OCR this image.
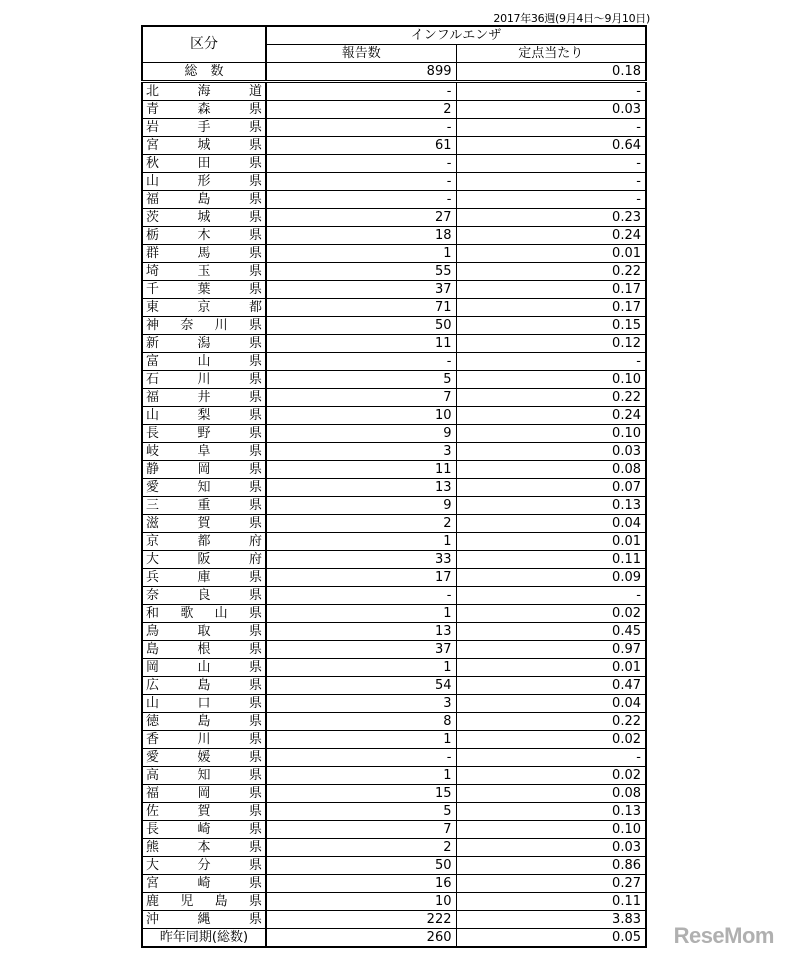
2017年36週(9月4日～9月10日)
区分	インフルエンザ	
	報告数	定点当たり
総　数	899	0.18
北海道	-	-
青森県	2	0.03
岩手県	-	-
宮城県	61	0.64
秋田県	-	-
山形県	-	-
福島県	-	-
茨城県	27	0.23
栃木県	18	0.24
群馬県	1	0.01
埼玉県	55	0.22
千葉県	37	0.17
東京都	71	0.17
神奈川県	50	0.15
新潟県	11	0.12
富山県	-	-
石川県	5	0.10
福井県	7	0.22
山梨県	10	0.24
長野県	9	0.10
岐阜県	3	0.03
静岡県	11	0.08
愛知県	13	0.07
三重県	9	0.13
滋賀県	2	0.04
京都府	1	0.01
大阪府	33	0.11
兵庫県	17	0.09
奈良県	-	-
和歌山県	1	0.02
鳥取県	13	0.45
島根県	37	0.97
岡山県	1	0.01
広島県	54	0.47
山口県	3	0.04
徳島県	8	0.22
香川県	1	0.02
愛媛県	-	-
高知県	1	0.02
福岡県	15	0.08
佐賀県	5	0.13
長崎県	7	0.10
熊本県	2	0.03
大分県	50	0.86
宮崎県	16	0.27
鹿児島県	10	0.11
沖縄県	222	3.83
昨年同期(総数)	260	0.05 ReseMom
